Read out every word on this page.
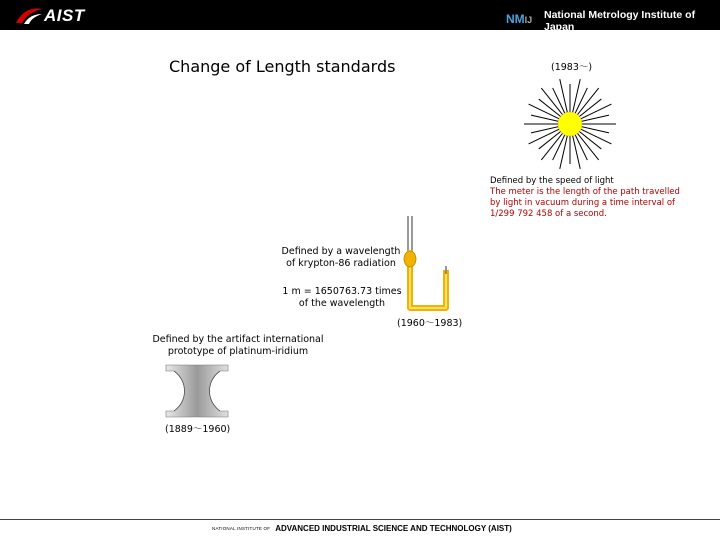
AIST	NMIJ	National Metrology Institute of Japan
Change of Length standards	(1983～)
Defined by the speed of light
The meter is the length of the path travelled
by light in vacuum during a time interval of
1/299 792 458 of a second.
Defined by a wavelength
of krypton-86 radiation
1 m = 1650763.73 times
of the wavelength
(1960～1983)
Defined by the artifact international
prototype of platinum-iridium
(1889～1960)
NATIONAL INSTITUTE OF ADVANCED INDUSTRIAL SCIENCE AND TECHNOLOGY (AIST)
